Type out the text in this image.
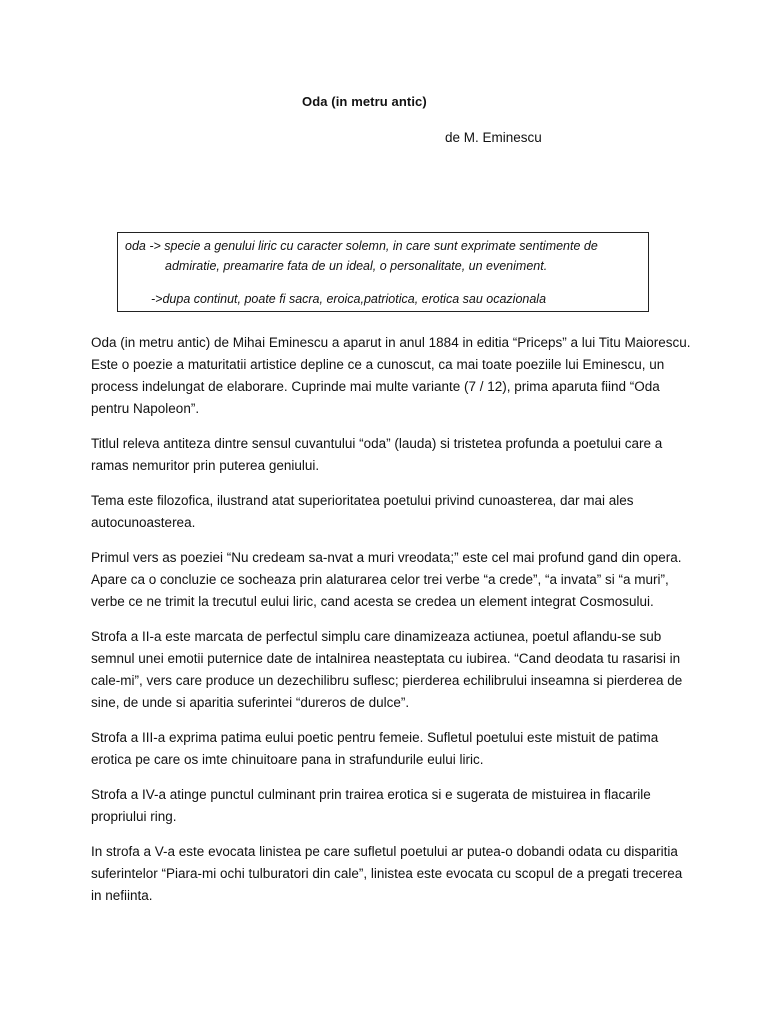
Oda (in metru antic)
de M. Eminescu
oda -> specie a genului liric cu caracter solemn, in care sunt exprimate sentimente de
admiratie, preamarire fata de un ideal, o personalitate, un eveniment.
->dupa continut, poate fi sacra, eroica,patriotica, erotica sau ocazionala

Oda (in metru antic) de Mihai Eminescu a aparut in anul 1884 in editia “Priceps” a lui Titu Maiorescu. Este o poezie a maturitatii artistice depline ce a cunoscut, ca mai toate poeziile lui Eminescu, un process indelungat de elaborare. Cuprinde mai multe variante (7 / 12), prima aparuta fiind “Oda pentru Napoleon”.

Titlul releva antiteza dintre sensul cuvantului “oda” (lauda) si tristetea profunda a poetului care a ramas nemuritor prin puterea geniului.

Tema este filozofica, ilustrand atat superioritatea poetului privind cunoasterea, dar mai ales autocunoasterea.

Primul vers as poeziei “Nu credeam sa-nvat a muri vreodata;” este cel mai profund gand din opera. Apare ca o concluzie ce socheaza prin alaturarea celor trei verbe “a crede”, “a invata” si “a muri”, verbe ce ne trimit la trecutul eului liric, cand acesta se credea un element integrat Cosmosului.

Strofa a II-a este marcata de perfectul simplu care dinamizeaza actiunea, poetul aflandu-se sub semnul unei emotii puternice date de intalnirea neasteptata cu iubirea. “Cand deodata tu rasarisi in cale-mi”, vers care produce un dezechilibru suflesc; pierderea echilibrului inseamna si pierderea de sine, de unde si aparitia suferintei “dureros de dulce”.

Strofa a III-a exprima patima eului poetic pentru femeie. Sufletul poetului este mistuit de patima erotica pe care os imte chinuitoare pana in strafundurile eului liric.

Strofa a IV-a atinge punctul culminant prin trairea erotica si e sugerata de mistuirea in flacarile propriului ring.

In strofa a V-a este evocata linistea pe care sufletul poetului ar putea-o dobandi odata cu disparitia suferintelor “Piara-mi ochi tulburatori din cale”, linistea este evocata cu scopul de a pregati trecerea in nefiinta.
